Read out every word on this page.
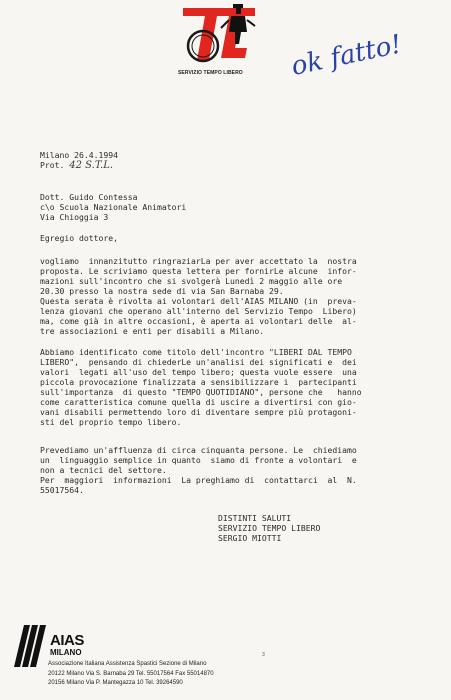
SERVIZIO TEMPO LIBERO	ok fatto!
Milano 26.4.1994
Prot. 42 S.T.L.
Dott. Guido Contessa
c\o Scuola Nazionale Animatori
Via Chioggia 3
Egregio dottore,
vogliamo  innanzitutto ringraziarLa per aver accettato la  nostra
proposta. Le scriviamo questa lettera per fornirLe alcune  infor-
mazioni sull'incontro che si svolgerà Lunedì 2 maggio alle ore
20.30 presso la nostra sede di via San Barnaba 29.
Questa serata è rivolta ai volontari dell'AIAS MILANO (in  preva-
lenza giovani che operano all'interno del Servizio Tempo  Libero)
ma, come già in altre occasioni, è aperta ai volontari delle  al-
tre associazioni e enti per disabili a Milano.
Abbiamo identificato come titolo dell'incontro "LIBERI DAL TEMPO
LIBERO",  pensando di chiederLe un'analisi dei significati e  dei
valori  legati all'uso del tempo libero; questa vuole essere  una
piccola provocazione finalizzata a sensibilizzare i  partecipanti
sull'importanza  di questo "TEMPO QUOTIDIANO", persone che   hanno
come caratteristica comune quella di uscire a divertirsi con gio-
vani disabili permettendo loro di diventare sempre più protagoni-
sti del proprio tempo libero.
Prevediamo un'affluenza di circa cinquanta persone. Le  chiediamo
un  linguaggio semplice in quanto  siamo di fronte a volontari  e
non a tecnici del settore.
Per  maggiori  informazioni  La preghiamo di  contattarci  al  N.
55017564.
DISTINTI SALUTI
SERVIZIO TEMPO LIBERO
SERGIO MIOTTI
3
AIAS
MILANO
Associazione Italiana Assistenza Spastici Sezione di Milano
20122 Milano Via S. Barnaba 29 Tel. 55017564 Fax 55014870
20156 Milano Via P. Mantegazza 10 Tel. 39264590
